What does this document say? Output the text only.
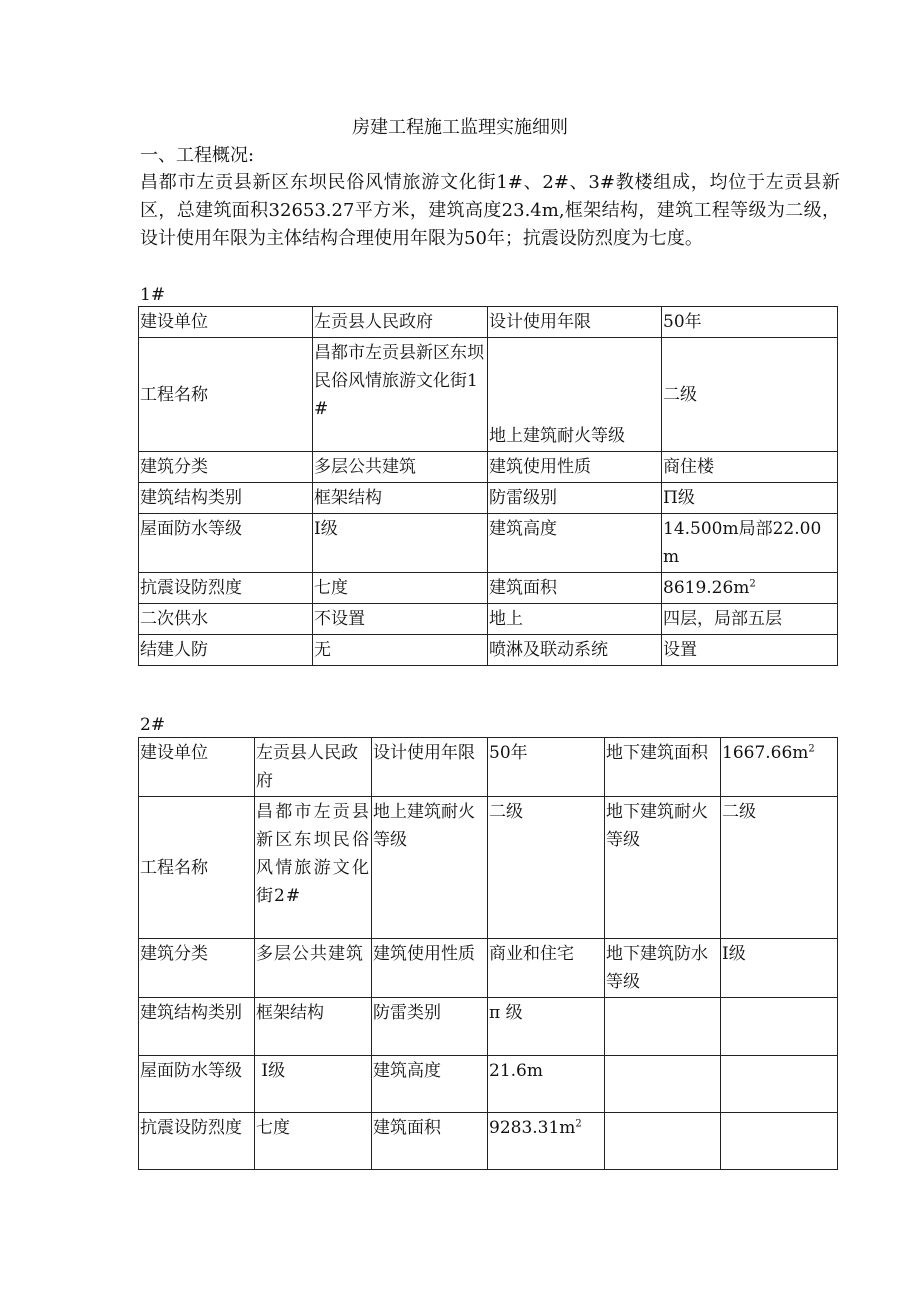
房建工程施工监理实施细则
一、工程概况:
昌都市左贡县新区东坝民俗风情旅游文化街1#、2#、3#教楼组成，均位于左贡县新区，总建筑面积32653.27平方米，建筑高度23.4m,框架结构，建筑工程等级为二级，设计使用年限为主体结构合理使用年限为50年；抗震设防烈度为七度。
1#
建设单位	左贡县人民政府	设计使用年限	50年
工程名称	昌都市左贡县新区东坝民俗风情旅游文化街1#	地上建筑耐火等级	二级
建筑分类	多层公共建筑	建筑使用性质	商住楼
建筑结构类别	框架结构	防雷级别	Π级
屋面防水等级	I级	建筑高度	14.500m局部22.00m
抗震设防烈度	七度	建筑面积	$8619.26m^2$
二次供水	不设置	地上	四层，局部五层
结建人防	无	喷淋及联动系统	设置
2#
建设单位	左贡县人民政府	设计使用年限	50年	地下建筑面积	$1667.66m^2$
工程名称	昌都市左贡县新区东坝民俗风情旅游文化街2#	地上建筑耐火等级	二级	地下建筑耐火等级	二级
建筑分类	多层公共建筑	建筑使用性质	商业和住宅	地下建筑防水等级	I级
建筑结构类别	框架结构	防雷类别	π 级		
屋面防水等级	I级	建筑高度	21.6m		
抗震设防烈度	七度	建筑面积	$9283.31m^2$		
